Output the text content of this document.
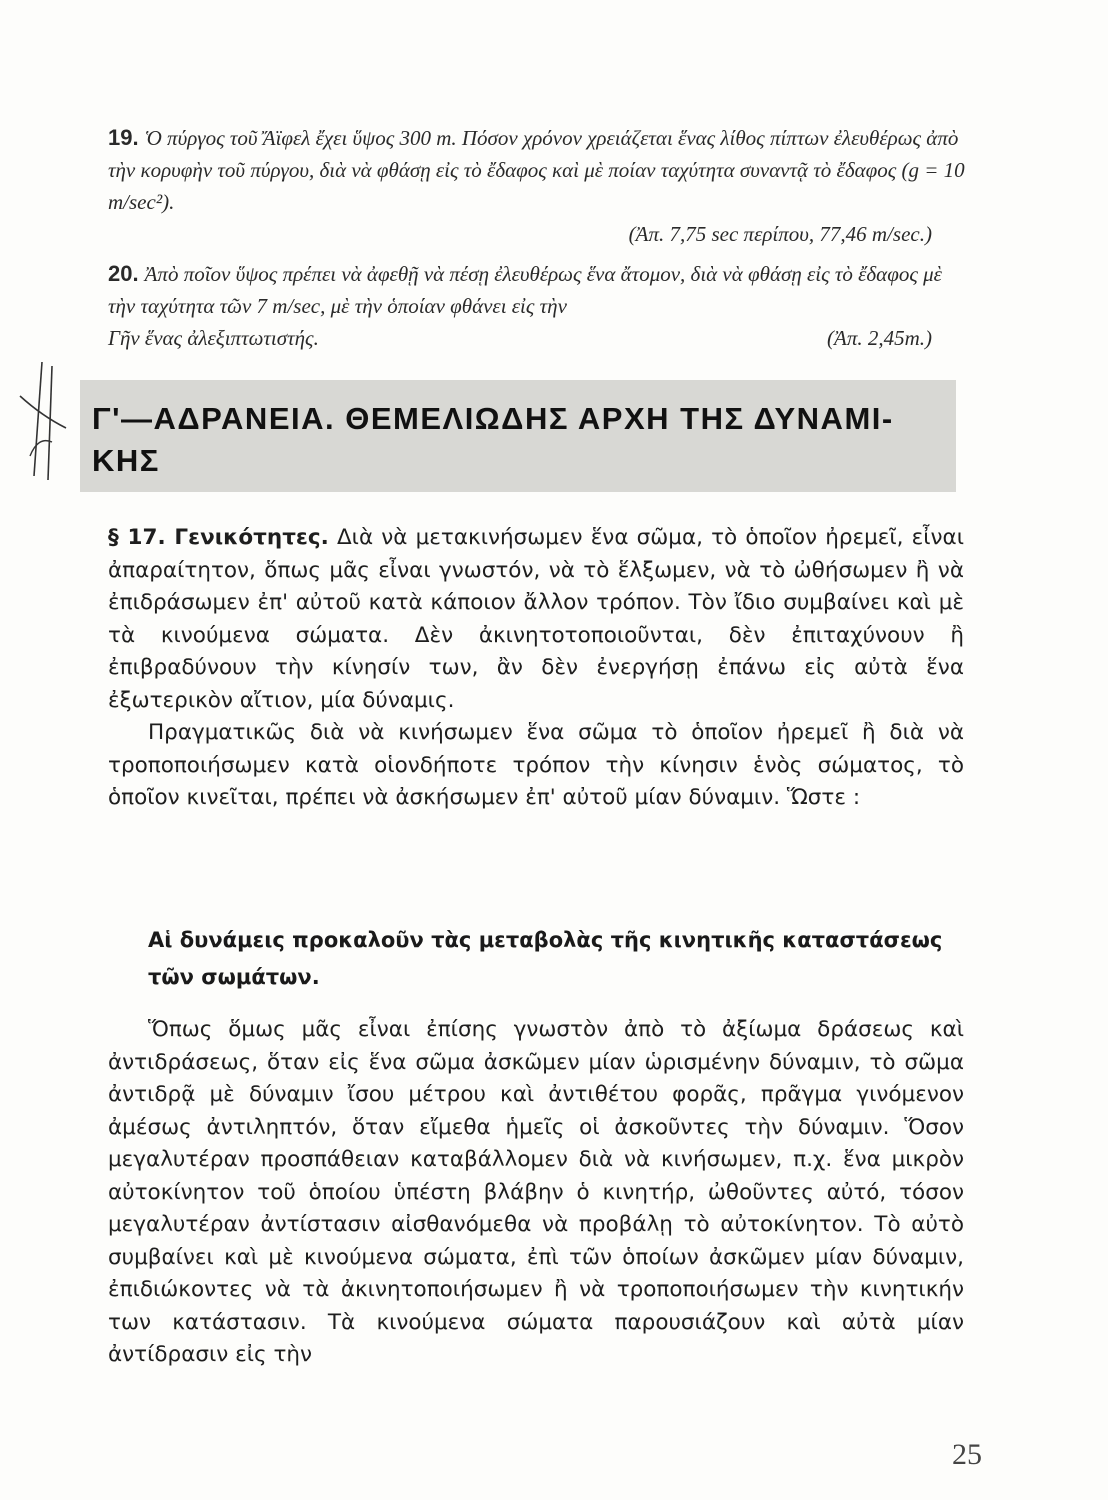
19. Ὁ πύργος τοῦ Ἄϊφελ ἔχει ὕψος 300 m. Πόσον χρόνον χρειάζεται ἕνας λίθος πίπτων ἐλευθέρως ἀπὸ τὴν κορυφὴν τοῦ πύργου, διὰ νὰ φθάσῃ εἰς τὸ ἔδαφος καὶ μὲ ποίαν ταχύτητα συναντᾷ τὸ ἔδαφος (g = 10 m/sec²).

(Ἀπ. 7,75 sec περίπου, 77,46 m/sec.)

20. Ἀπὸ ποῖον ὕψος πρέπει νὰ ἀφεθῇ νὰ πέσῃ ἐλευθέρως ἕνα ἄτομον, διὰ νὰ φθάσῃ εἰς τὸ ἔδαφος μὲ τὴν ταχύτητα τῶν 7 m/sec, μὲ τὴν ὁποίαν φθάνει εἰς τὴν

Γῆν ἕνας ἀλεξιπτωτιστής.	(Ἀπ. 2,45m.)

Γ'—ΑΔΡΑΝΕΙΑ. ΘΕΜΕΛΙΩΔΗΣ ΑΡΧΗ ΤΗΣ ΔΥΝΑΜΙ-
ΚΗΣ

§ 17. Γενικότητες. Διὰ νὰ μετακινήσωμεν ἕνα σῶμα, τὸ ὁποῖον ἠρεμεῖ, εἶναι ἀπαραίτητον, ὅπως μᾶς εἶναι γνωστόν, νὰ τὸ ἕλξωμεν, νὰ τὸ ὠθήσωμεν ἢ νὰ ἐπιδράσωμεν ἐπ' αὐτοῦ κατὰ κάποιον ἄλλον τρόπον. Τὸν ἴδιο συμβαίνει καὶ μὲ τὰ κινούμενα σώματα. Δὲν ἀκινητοτοποιοῦνται, δὲν ἐπιταχύνουν ἢ ἐπιβραδύνουν τὴν κίνησίν των, ἂν δὲν ἐνεργήσῃ ἐπάνω εἰς αὐτὰ ἕνα ἐξωτερικὸν αἴτιον, μία δύναμις.

Πραγματικῶς διὰ νὰ κινήσωμεν ἕνα σῶμα τὸ ὁποῖον ἠρεμεῖ ἢ διὰ νὰ τροποποιήσωμεν κατὰ οἱονδήποτε τρόπον τὴν κίνησιν ἑνὸς σώματος, τὸ ὁποῖον κινεῖται, πρέπει νὰ ἀσκήσωμεν ἐπ' αὐτοῦ μίαν δύναμιν. Ὥστε :

Αἱ δυνάμεις προκαλοῦν τὰς μεταβολὰς τῆς κινητικῆς καταστάσεως τῶν σωμάτων.
Ὅπως ὅμως μᾶς εἶναι ἐπίσης γνωστὸν ἀπὸ τὸ ἀξίωμα δράσεως καὶ ἀντιδράσεως, ὅταν εἰς ἕνα σῶμα ἀσκῶμεν μίαν ὡρισμένην δύναμιν, τὸ σῶμα ἀντιδρᾷ μὲ δύναμιν ἴσου μέτρου καὶ ἀντιθέτου φορᾶς, πρᾶγμα γινόμενον ἀμέσως ἀντιληπτόν, ὅταν εἴμεθα ἡμεῖς οἱ ἀσκοῦντες τὴν δύναμιν. Ὅσον μεγαλυτέραν προσπάθειαν καταβάλλομεν διὰ νὰ κινήσωμεν, π.χ. ἕνα μικρὸν αὐτοκίνητον τοῦ ὁποίου ὑπέστη βλάβην ὁ κινητήρ, ὠθοῦντες αὐτό, τόσον μεγαλυτέραν ἀντίστασιν αἰσθανόμεθα νὰ προβάλῃ τὸ αὐτοκίνητον. Τὸ αὐτὸ συμβαίνει καὶ μὲ κινούμενα σώματα, ἐπὶ τῶν ὁποίων ἀσκῶμεν μίαν δύναμιν, ἐπιδιώκοντες νὰ τὰ ἀκινητοποιήσωμεν ἢ νὰ τροποποιήσωμεν τὴν κινητικήν των κατάστασιν. Τὰ κινούμενα σώματα παρουσιάζουν καὶ αὐτὰ μίαν ἀντίδρασιν εἰς τὴν
25
